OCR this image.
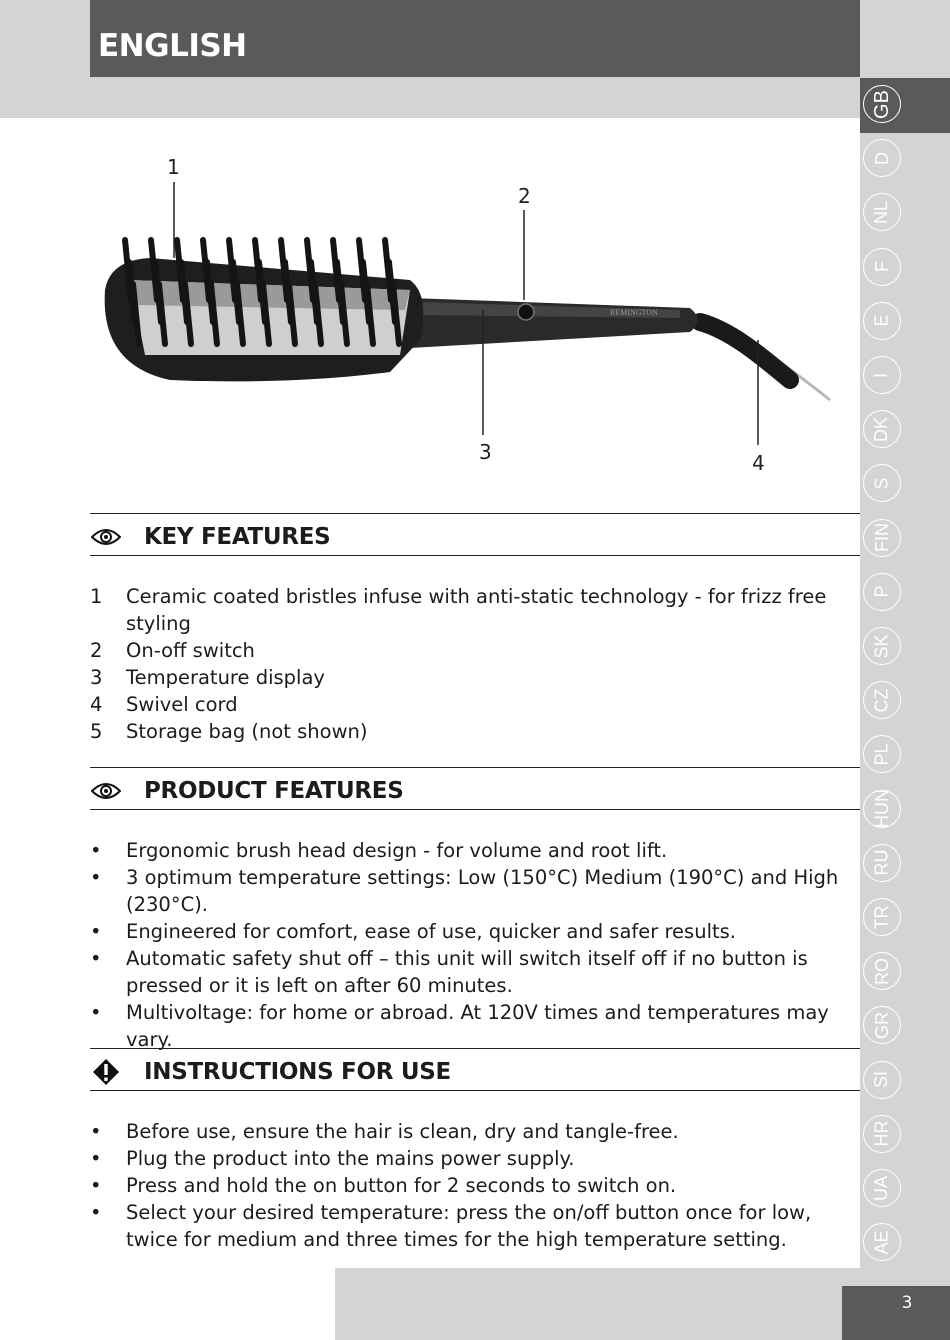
ENGLISH
GB
D
NL
F
E
I
DK
S
FIN
P
SK
CZ
PL
HUN
RU
TR
RO
GR
SI
HR
UA
AE
REMINGTON
1
2
3	4
KEY FEATURES
1 Ceramic coated bristles infuse with anti-static technology - for frizz free styling
2 On-off switch
3 Temperature display
4 Swivel cord
5 Storage bag (not shown)
PRODUCT FEATURES
• Ergonomic brush head design - for volume and root lift.
• 3 optimum temperature settings: Low (150°C) Medium (190°C) and High (230°C).
• Engineered for comfort, ease of use, quicker and safer results.
• Automatic safety shut off – this unit will switch itself off if no button is pressed or it is left on after 60 minutes.
• Multivoltage: for home or abroad. At 120V times and temperatures may vary.
INSTRUCTIONS FOR USE
• Before use, ensure the hair is clean, dry and tangle-free.
• Plug the product into the mains power supply.
• Press and hold the on button for 2 seconds to switch on.
• Select your desired temperature: press the on/off button once for low, twice for medium and three times for the high temperature setting.
3
